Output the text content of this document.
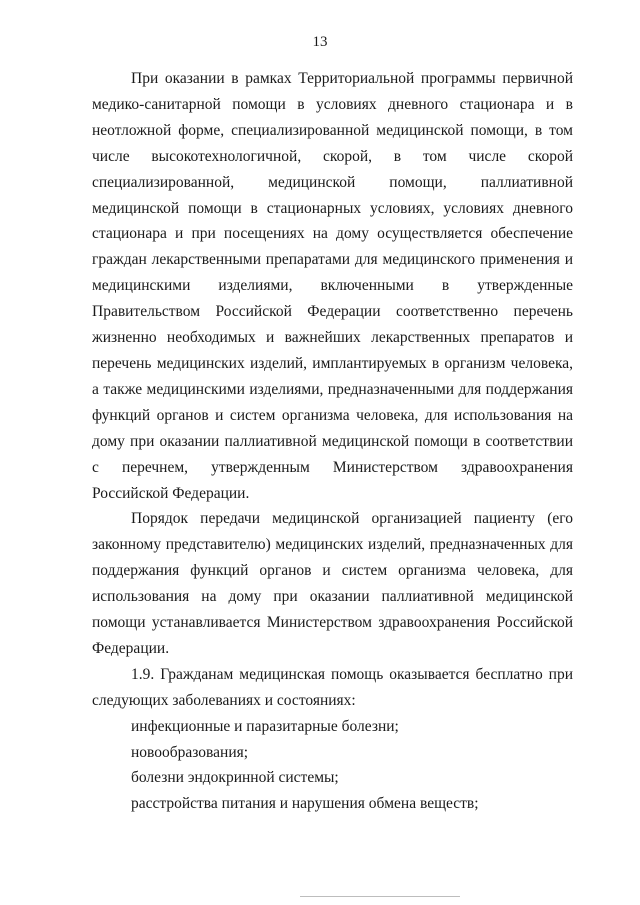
13

При оказании в рамках Территориальной программы первичной медико-санитарной помощи в условиях дневного стационара и в неотложной форме, специализированной медицинской помощи, в том числе высокотехнологичной, скорой, в том числе скорой специализированной, медицинской помощи, паллиативной медицинской помощи в стационарных условиях, условиях дневного стационара и при посещениях на дому осуществляется обеспечение граждан лекарственными препаратами для медицинского применения и медицинскими изделиями, включенными в утвержденные Правительством Российской Федерации соответственно перечень жизненно необходимых и важнейших лекарственных препаратов и перечень медицинских изделий, имплантируемых в организм человека, а также медицинскими изделиями, предназначенными для поддержания функций органов и систем организма человека, для использования на дому при оказании паллиативной медицинской помощи в соответствии с перечнем, утвержденным Министерством здравоохранения Российской Федерации.

Порядок передачи медицинской организацией пациенту (его законному представителю) медицинских изделий, предназначенных для поддержания функций органов и систем организма человека, для использования на дому при оказании паллиативной медицинской помощи устанавливается Министерством здравоохранения Российской Федерации.

1.9. Гражданам медицинская помощь оказывается бесплатно при следующих заболеваниях и состояниях:

инфекционные и паразитарные болезни;

новообразования;

болезни эндокринной системы;

расстройства питания и нарушения обмена веществ;
